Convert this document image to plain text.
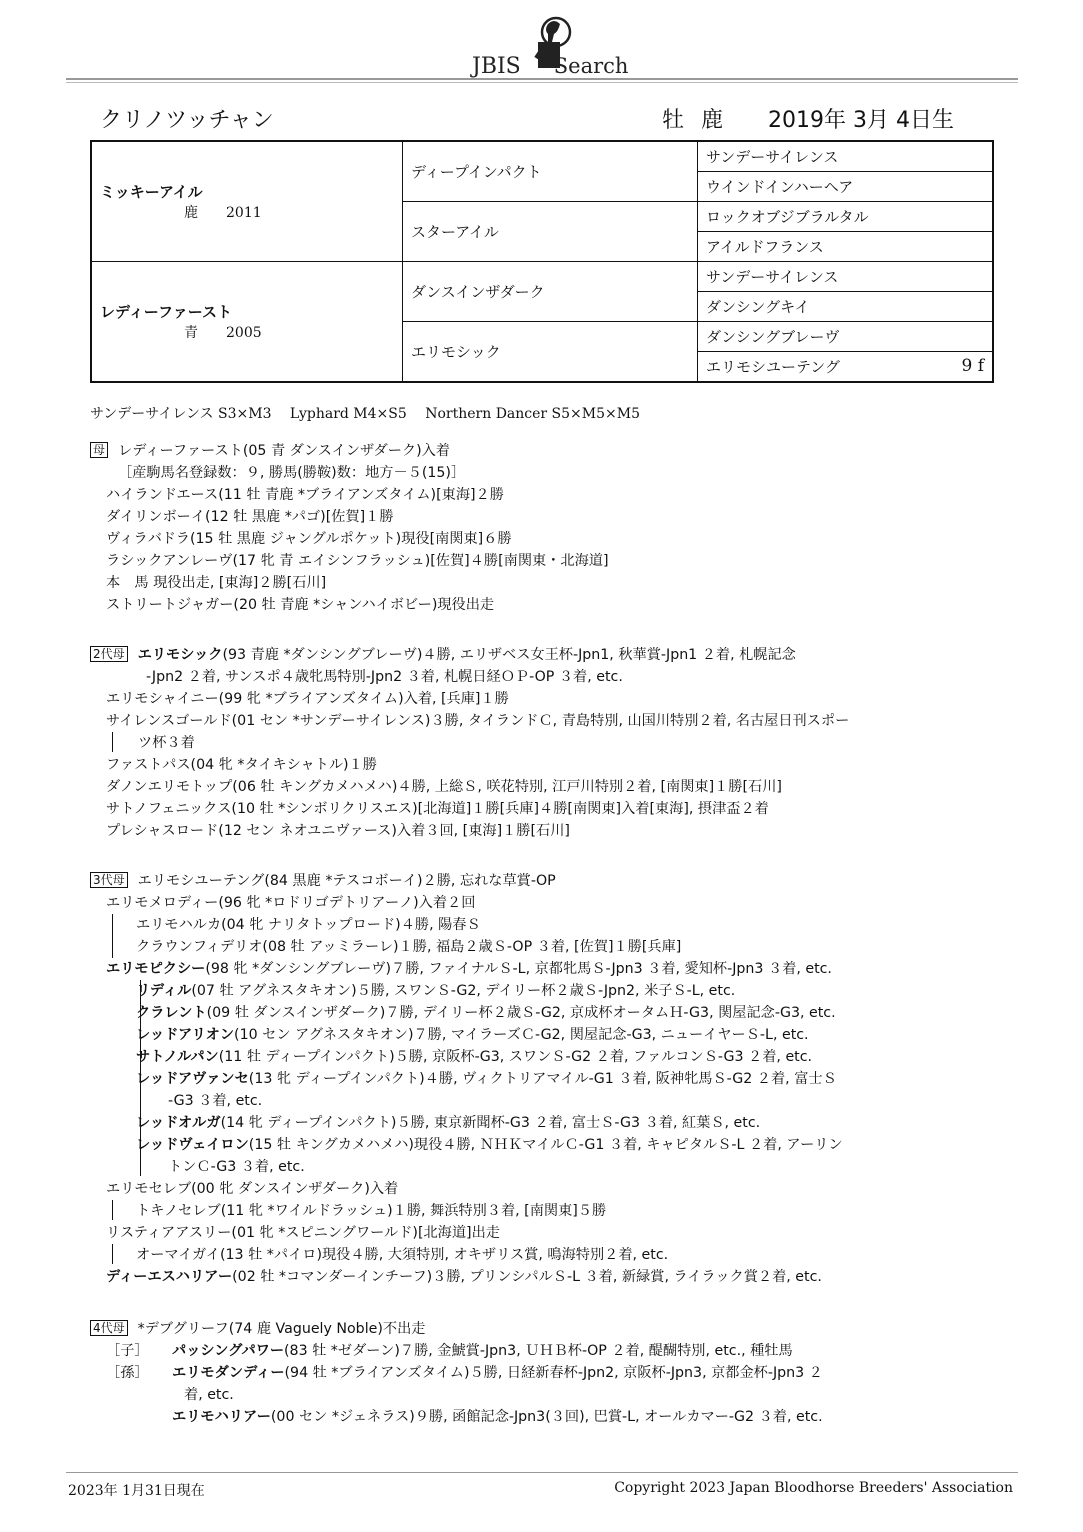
JBIS Search
クリノツッチャン	牡 鹿 2019年 3月 4日生
ミッキーアイル
鹿 2011	ディープインパクト	サンデーサイレンス
		ウインドインハーヘア
	スターアイル	ロックオブジブラルタル
		アイルドフランス

レディーファースト
青 2005	ダンスインザダーク	サンデーサイレンス
		ダンシングキイ
	エリモシック	ダンシングブレーヴ
		エリモシユーテング 9 f
サンデーサイレンス S3×M3　 Lyphard M4×S5　 Northern Dancer S5×M5×M5
母 レディーファースト(05 青 ダンスインザダーク)入着
［産駒馬名登録数：９, 勝馬(勝鞍)数：地方－５(15)］
ハイランドエース(11 牡 青鹿 *ブライアンズタイム)[東海]２勝
ダイリンボーイ(12 牡 黒鹿 *パゴ)[佐賀]１勝
ヴィラバドラ(15 牡 黒鹿 ジャングルポケット)現役[南関東]６勝
ラシックアンレーヴ(17 牝 青 エイシンフラッシュ)[佐賀]４勝[南関東・北海道]
本　馬 現役出走, [東海]２勝[石川]
ストリートジャガー(20 牡 青鹿 *シャンハイボビー)現役出走
2代母 エリモシック(93 青鹿 *ダンシングブレーヴ)４勝, エリザベス女王杯-Jpn1, 秋華賞-Jpn1 ２着, 札幌記念
-Jpn2 ２着, サンスポ４歳牝馬特別-Jpn2 ３着, 札幌日経ＯＰ-OP ３着, etc.
エリモシャイニー(99 牝 *ブライアンズタイム)入着, [兵庫]１勝
サイレンスゴールド(01 セン *サンデーサイレンス)３勝, タイランドＣ, 青島特別, 山国川特別２着, 名古屋日刊スポー
ツ杯３着
ファストパス(04 牝 *タイキシャトル)１勝
ダノンエリモトップ(06 牡 キングカメハメハ)４勝, 上総Ｓ, 咲花特別, 江戸川特別２着, [南関東]１勝[石川]
サトノフェニックス(10 牡 *シンボリクリスエス)[北海道]１勝[兵庫]４勝[南関東]入着[東海], 摂津盃２着
プレシャスロード(12 セン ネオユニヴァース)入着３回, [東海]１勝[石川]
3代母 エリモシユーテング(84 黒鹿 *テスコボーイ)２勝, 忘れな草賞-OP
エリモメロディー(96 牝 *ロドリゴデトリアーノ)入着２回
エリモハルカ(04 牝 ナリタトップロード)４勝, 陽春Ｓ
クラウンフィデリオ(08 牡 アッミラーレ)１勝, 福島２歳Ｓ-OP ３着, [佐賀]１勝[兵庫]
エリモピクシー(98 牝 *ダンシングブレーヴ)７勝, ファイナルＳ-L, 京都牝馬Ｓ-Jpn3 ３着, 愛知杯-Jpn3 ３着, etc.
リディル(07 牡 アグネスタキオン)５勝, スワンＳ-G2, デイリー杯２歳Ｓ-Jpn2, 米子Ｓ-L, etc.
クラレント(09 牡 ダンスインザダーク)７勝, デイリー杯２歳Ｓ-G2, 京成杯オータムＨ-G3, 関屋記念-G3, etc.
レッドアリオン(10 セン アグネスタキオン)７勝, マイラーズＣ-G2, 関屋記念-G3, ニューイヤーＳ-L, etc.
サトノルパン(11 牡 ディープインパクト)５勝, 京阪杯-G3, スワンＳ-G2 ２着, ファルコンＳ-G3 ２着, etc.
レッドアヴァンセ(13 牝 ディープインパクト)４勝, ヴィクトリアマイル-G1 ３着, 阪神牝馬Ｓ-G2 ２着, 富士Ｓ
-G3 ３着, etc.
レッドオルガ(14 牝 ディープインパクト)５勝, 東京新聞杯-G3 ２着, 富士Ｓ-G3 ３着, 紅葉Ｓ, etc.
レッドヴェイロン(15 牡 キングカメハメハ)現役４勝, ＮＨＫマイルＣ-G1 ３着, キャピタルＳ-L ２着, アーリン
トンＣ-G3 ３着, etc.
エリモセレブ(00 牝 ダンスインザダーク)入着
トキノセレブ(11 牝 *ワイルドラッシュ)１勝, 舞浜特別３着, [南関東]５勝
リスティアアスリー(01 牝 *スピニングワールド)[北海道]出走
オーマイガイ(13 牡 *パイロ)現役４勝, 大須特別, オキザリス賞, 鳴海特別２着, etc.
ディーエスハリアー(02 牡 *コマンダーインチーフ)３勝, プリンシパルＳ-L ３着, 新緑賞, ライラック賞２着, etc.
4代母 *デブグリーフ(74 鹿 Vaguely Noble)不出走
［子］ パッシングパワー(83 牡 *ゼダーン)７勝, 金鯱賞-Jpn3, ＵＨＢ杯-OP ２着, 醍醐特別, etc., 種牡馬
［孫］ エリモダンディー(94 牡 *ブライアンズタイム)５勝, 日経新春杯-Jpn2, 京阪杯-Jpn3, 京都金杯-Jpn3 ２
着, etc.
エリモハリアー(00 セン *ジェネラス)９勝, 函館記念-Jpn3(３回), 巴賞-L, オールカマー-G2 ３着, etc.
2023年 1月31日現在	Copyright 2023 Japan Bloodhorse Breeders' Association
